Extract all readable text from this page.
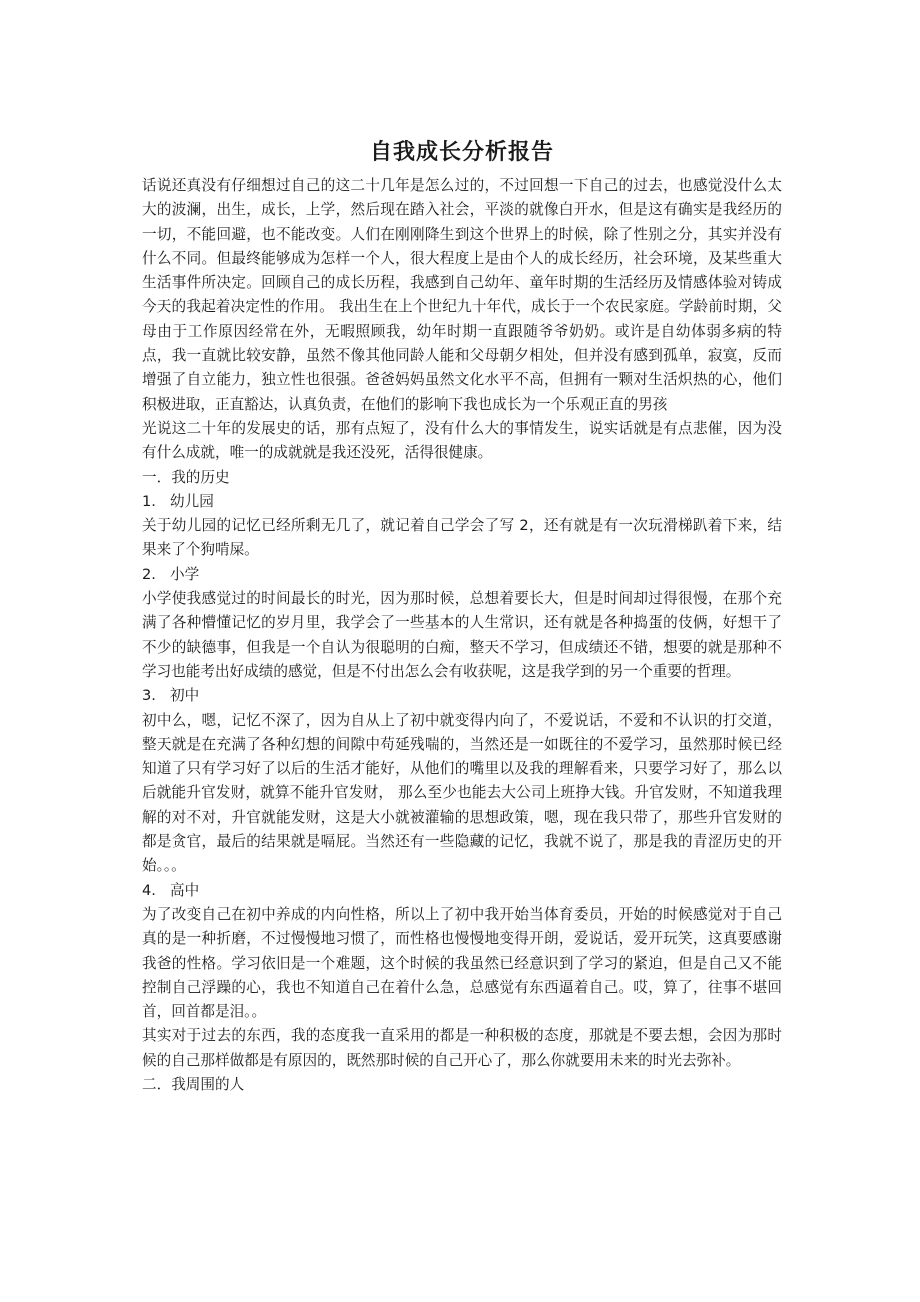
自我成长分析报告

话说还真没有仔细想过自己的这二十几年是怎么过的，不过回想一下自己的过去，也感觉没什么太大的波澜，出生，成长，上学，然后现在踏入社会，平淡的就像白开水，但是这有确实是我经历的一切，不能回避，也不能改变。人们在刚刚降生到这个世界上的时候，除了性别之分，其实并没有什么不同。但最终能够成为怎样一个人，很大程度上是由个人的成长经历，社会环境，及某些重大生活事件所决定。回顾自己的成长历程，我感到自己幼年、童年时期的生活经历及情感体验对铸成今天的我起着决定性的作用。 我出生在上个世纪九十年代，成长于一个农民家庭。学龄前时期，父母由于工作原因经常在外，无暇照顾我，幼年时期一直跟随爷爷奶奶。或许是自幼体弱多病的特点，我一直就比较安静，虽然不像其他同龄人能和父母朝夕相处，但并没有感到孤单，寂寞，反而增强了自立能力，独立性也很强。爸爸妈妈虽然文化水平不高，但拥有一颗对生活炽热的心，他们积极进取，正直豁达，认真负责，在他们的影响下我也成长为一个乐观正直的男孩

光说这二十年的发展史的话，那有点短了，没有什么大的事情发生，说实话就是有点悲催，因为没有什么成就，唯一的成就就是我还没死，活得很健康。

一．我的历史

1. 幼儿园

关于幼儿园的记忆已经所剩无几了，就记着自己学会了写 2，还有就是有一次玩滑梯趴着下来，结果来了个狗啃屎。

2. 小学

小学使我感觉过的时间最长的时光，因为那时候，总想着要长大，但是时间却过得很慢，在那个充满了各种懵懂记忆的岁月里，我学会了一些基本的人生常识，还有就是各种捣蛋的伎俩，好想干了不少的缺德事，但我是一个自认为很聪明的白痴，整天不学习，但成绩还不错，想要的就是那种不学习也能考出好成绩的感觉，但是不付出怎么会有收获呢，这是我学到的另一个重要的哲理。

3. 初中

初中么，嗯，记忆不深了，因为自从上了初中就变得内向了，不爱说话，不爱和不认识的打交道，整天就是在充满了各种幻想的间隙中苟延残喘的，当然还是一如既往的不爱学习，虽然那时候已经知道了只有学习好了以后的生活才能好，从他们的嘴里以及我的理解看来，只要学习好了，那么以后就能升官发财，就算不能升官发财， 那么至少也能去大公司上班挣大钱。升官发财，不知道我理解的对不对，升官就能发财，这是大小就被灌输的思想政策，嗯，现在我只带了，那些升官发财的都是贪官，最后的结果就是嗝屁。当然还有一些隐藏的记忆，我就不说了，那是我的青涩历史的开始。。。

4. 高中

为了改变自己在初中养成的内向性格，所以上了初中我开始当体育委员，开始的时候感觉对于自己真的是一种折磨，不过慢慢地习惯了，而性格也慢慢地变得开朗，爱说话，爱开玩笑，这真要感谢我爸的性格。学习依旧是一个难题，这个时候的我虽然已经意识到了学习的紧迫，但是自己又不能控制自己浮躁的心，我也不知道自己在着什么急，总感觉有东西逼着自己。哎，算了，往事不堪回首，回首都是泪。。

其实对于过去的东西，我的态度我一直采用的都是一种积极的态度，那就是不要去想，会因为那时候的自己那样做都是有原因的，既然那时候的自己开心了，那么你就要用未来的时光去弥补。

二．我周围的人
